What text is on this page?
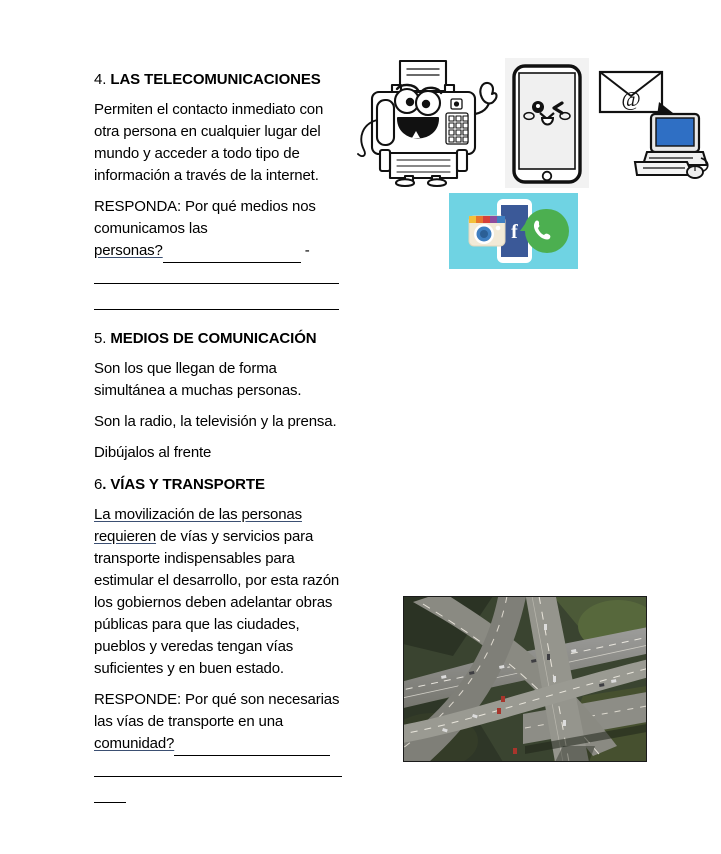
4. LAS TELECOMUNICACIONES

Permiten el contacto inmediato con otra persona en cualquier lugar del mundo y acceder a todo tipo de información a través de la internet.

RESPONDA: Por qué medios nos comunicamos las

personas?	-

5. MEDIOS DE COMUNICACIÓN

Son los que llegan de forma simultánea a muchas personas.

Son la radio, la televisión y la prensa.

Dibújalos al frente

6. VÍAS Y TRANSPORTE

La movilización de las personas requieren de vías y servicios para transporte indispensables para estimular el desarrollo, por esta razón los gobiernos deben adelantar obras públicas para que las ciudades, pueblos y veredas tengan vías suficientes y en buen estado.

RESPONDE: Por qué son necesarias las vías de transporte en una

comunidad?
@
f
